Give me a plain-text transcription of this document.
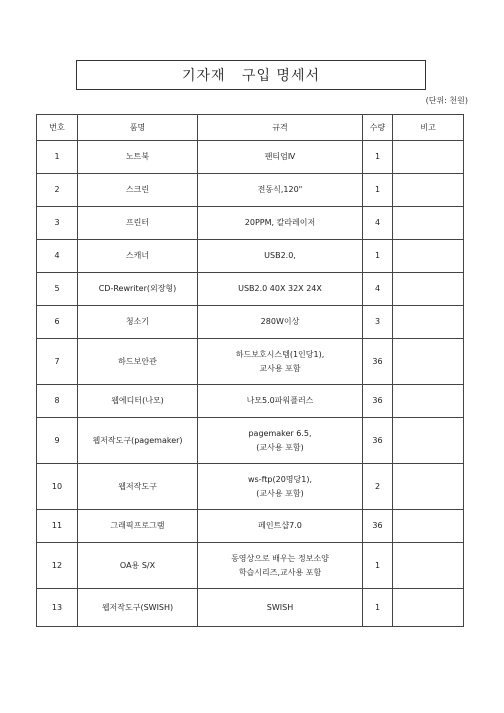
기자재   구입 명세서
(단위: 천원)
번호	품명	규격	수량	비고
1	노트북	팬티엄Ⅳ	1	
2	스크린	전동식,120"	1	
3	프린터	20PPM, 칼라레이저	4	
4	스캐너	USB2.0,	1	
5	CD-Rewriter(외장형)	USB2.0 40X 32X 24X	4	
6	청소기	280W이상	3	
7	하드보안관	하드보호시스템(1인당1),
교사용 포함	36	
8	웹에디터(나모)	나모5.0파워플러스	36	
9	웹저작도구(pagemaker)	pagemaker 6.5,
(교사용 포함)	36	
10	웹저작도구	ws-ftp(20명당1),
(교사용 포함)	2	
11	그래픽프로그램	페인트샵7.0	36	
12	OA용 S/X	동영상으로 배우는 정보소양
학습시리즈,교사용 포함	1	
13	웹저작도구(SWISH)	SWISH	1	
